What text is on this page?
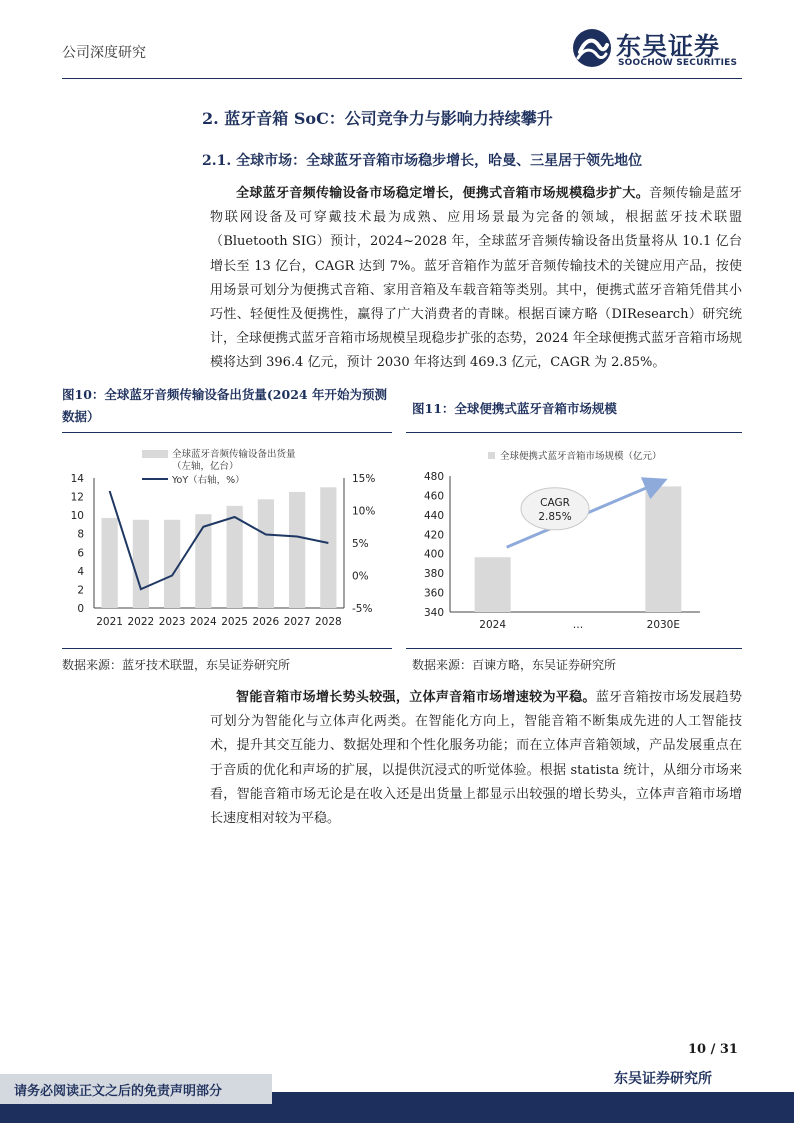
公司深度研究	东吴证券
SOOCHOW SECURITIES
2. 蓝牙音箱 SoC：公司竞争力与影响力持续攀升
2.1. 全球市场：全球蓝牙音箱市场稳步增长，哈曼、三星居于领先地位

全球蓝牙音频传输设备市场稳定增长，便携式音箱市场规模稳步扩大。音频传输是蓝牙物联网设备及可穿戴技术最为成熟、应用场景最为完备的领域，根据蓝牙技术联盟（Bluetooth SIG）预计，2024~2028 年，全球蓝牙音频传输设备出货量将从 10.1 亿台增长至 13 亿台，CAGR 达到 7%。蓝牙音箱作为蓝牙音频传输技术的关键应用产品，按使用场景可划分为便携式音箱、家用音箱及车载音箱等类别。其中，便携式蓝牙音箱凭借其小巧性、轻便性及便携性，赢得了广大消费者的青睐。根据百谏方略（DIResearch）研究统计，全球便携式蓝牙音箱市场规模呈现稳步扩张的态势，2024 年全球便携式蓝牙音箱市场规模将达到 396.4 亿元，预计 2030 年将达到 469.3 亿元，CAGR 为 2.85%。

图10：全球蓝牙音频传输设备出货量(2024 年开始为预测数据）
全球蓝牙音频传输设备出货量
（左轴，亿台）
YoY（右轴，%）
0
2
4
6
8
10
12
14
-5%
0%
5%
10%
15%
2021 2022 2023 2024 2025 2026 2027 2028
数据来源：蓝牙技术联盟，东吴证券研究所
图11：全球便携式蓝牙音箱市场规模
全球便携式蓝牙音箱市场规模（亿元）
340
360
380
400
420
440
460
480
2024	…	2030E
CAGR
2.85%
数据来源：百谏方略，东吴证券研究所

智能音箱市场增长势头较强，立体声音箱市场增速较为平稳。蓝牙音箱按市场发展趋势可划分为智能化与立体声化两类。在智能化方向上，智能音箱不断集成先进的人工智能技术，提升其交互能力、数据处理和个性化服务功能；而在立体声音箱领域，产品发展重点在于音质的优化和声场的扩展，以提供沉浸式的听觉体验。根据 statista 统计，从细分市场来看，智能音箱市场无论是在收入还是出货量上都显示出较强的增长势头，立体声音箱市场增长速度相对较为平稳。

10 / 31
东吴证券研究所
请务必阅读正文之后的免责声明部分
